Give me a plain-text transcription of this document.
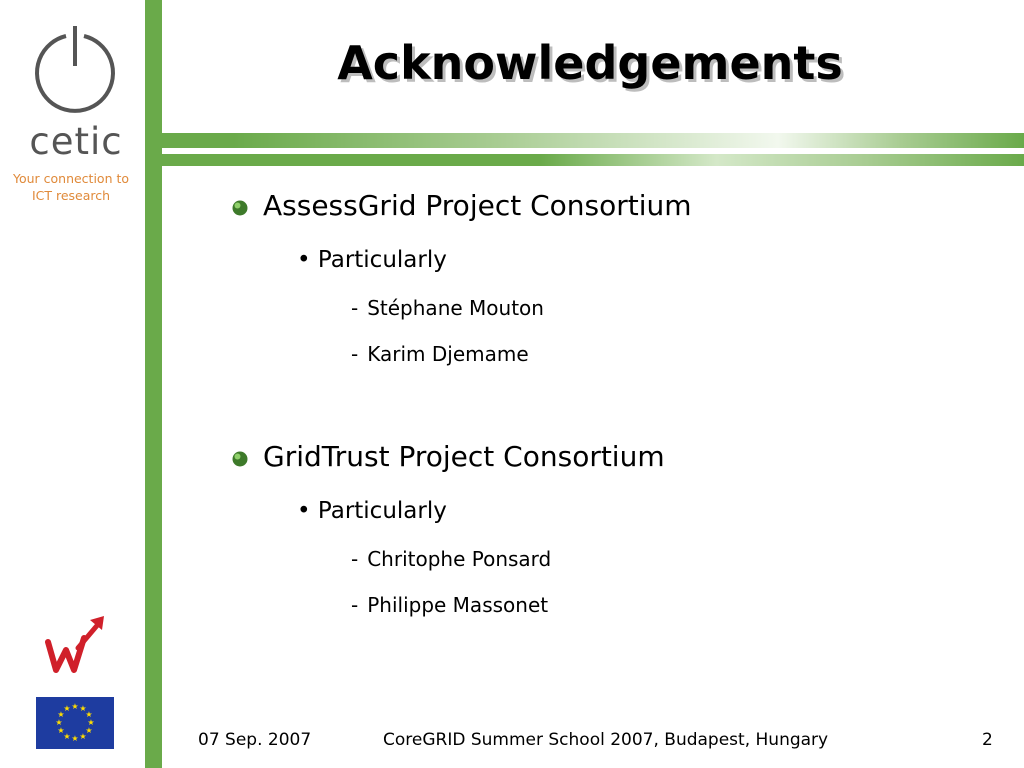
cetic
Your connection to
ICT research
Acknowledgements
AssessGrid Project Consortium
• Particularly
- Stéphane Mouton
- Karim Djemame
GridTrust Project Consortium
• Particularly
- Chritophe Ponsard
- Philippe Massonet
★ ★
★
★
★
★
★
★
★
★
★
★
07 Sep. 2007	CoreGRID Summer School 2007, Budapest, Hungary	2
